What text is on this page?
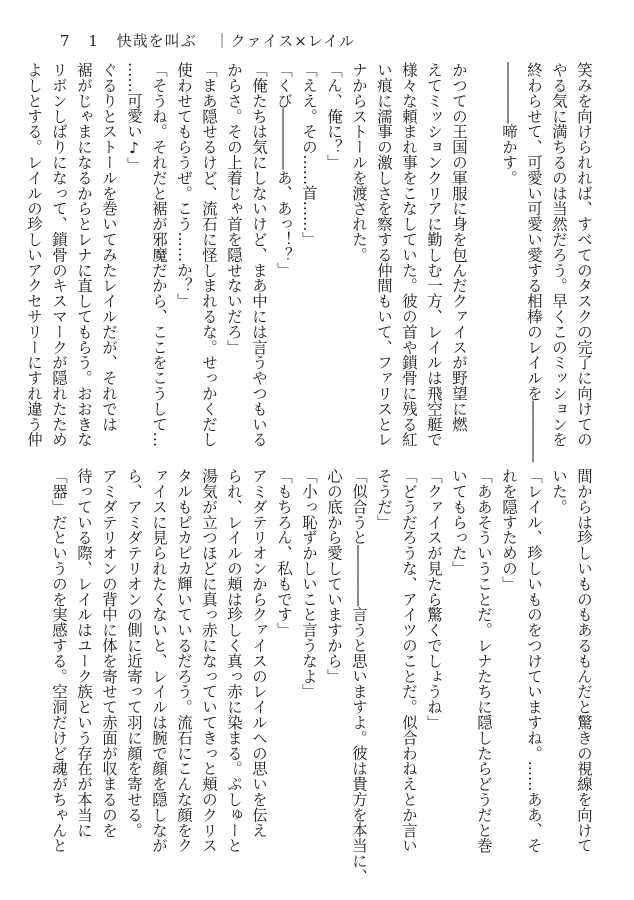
7 1 快哉を叫ぶ ｜クァイス×レイル

笑みを向けられれば、すべてのタスクの完了に向けての

やる気に満ちるのは当然だろう。早くこのミッションを

終わらせて、可愛い可愛い愛する相棒のレイルを――――

――――啼かす。

かつての王国の軍服に身を包んだクァイスが野望に燃

えてミッションクリアに勤しむ一方、レイルは飛空艇で

様々な頼まれ事をこなしていた。彼の首や鎖骨に残る紅

い痕に濡事の激しさを察する仲間もいて、ファリスとレ

ナからストールを渡された。

「ん、俺に？」

「ええ。その……首……」

「くび――――あ、あっ！？」

「俺たちは気にしないけど、まあ中には言うやつもいる

からさ。その上着じゃ首を隠せないだろ」

「まあ隠せるけど、流石に怪しまれるな。せっかくだし

使わせてもらうぜ。こう……か？」

「そうね。それだと裾が邪魔だから、ここをこうして…

……可愛い♪」

ぐるりとストールを巻いてみたレイルだが、それでは

裾がじゃまになるからとレナに直してもらう。おおきな

リボンしばりになって、鎖骨のキスマークが隠れたため

よしとする。レイルの珍しいアクセサリーにすれ違う仲

間からは珍しいものもあるもんだと驚きの視線を向けて

いた。

「レイル、珍しいものをつけていますね。……ああ、そ

れを隠すための」

「ああそういうことだ。レナたちに隠したらどうだと巻

いてもらった」

「クァイスが見たら驚くでしょうね」

「どうだろうな、アイツのことだ。似合わねえとか言い

そうだ」

「似合うと――――言うと思いますよ。彼は貴方を本当に、

心の底から愛していますから」

「小っ恥ずかしいこと言うなよ」

「もちろん、私もです」

アミダテリオンからクァイスのレイルへの思いを伝え

られ、レイルの頬は珍しく真っ赤に染まる。ぷしゅーと

湯気が立つほどに真っ赤になっていてきっと頬のクリス

タルもピカピカ輝いているだろう。流石にこんな顔をク

ァイスに見られたくないと、レイルは腕で顔を隠しなが

ら、アミダテリオンの側に近寄って羽に顔を寄せる。

アミダテリオンの背中に体を寄せて赤面が収まるのを

待っている際、レイルはユーク族という存在が本当に

「器」だというのを実感する。空洞だけど魂がちゃんと
